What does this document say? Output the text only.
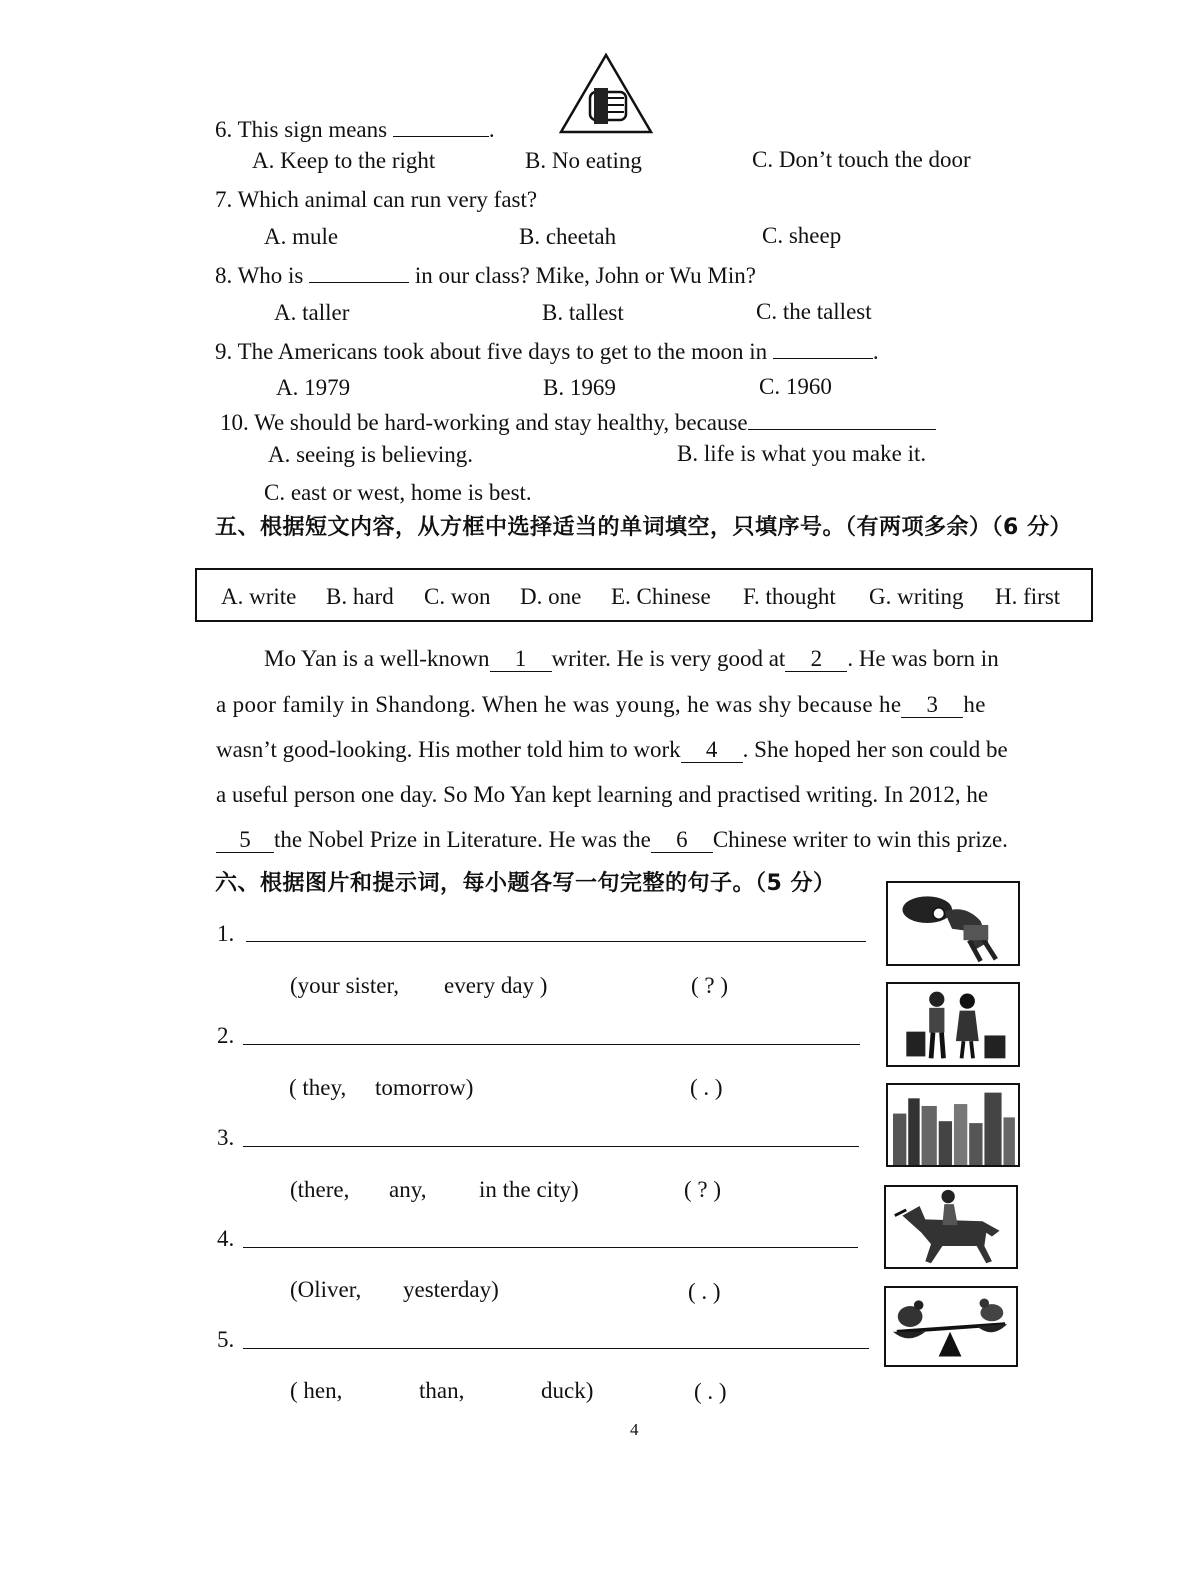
6. This sign means	.
A. Keep to the right	B. No eating	C. Don’t touch the door
7. Which animal can run very fast?
A. mule	B. cheetah	C. sheep
8. Who is	in our class? Mike, John or Wu Min?
A. taller	B. tallest	C. the tallest
9. The Americans took about five days to get to the moon in	.
A. 1979	B. 1969	C. 1960
10. We should be hard-working and stay healthy, because
A. seeing is believing.	B. life is what you make it.
C. east or west, home is best.
五、根据短文内容，从方框中选择适当的单词填空，只填序号。（有两项多余）（6 分）
A. write B. hard C. won D. one E. Chinese F. thought G. writing H. first
Mo Yan is a well-known 1 writer. He is very good at 2 . He was born in
a poor family in Shandong. When he was young, he was shy because he 3 he
wasn’t good-looking. His mother told him to work 4 . She hoped her son could be
a useful person one day. So Mo Yan kept learning and practised writing. In 2012, he
5 the Nobel Prize in Literature. He was the 6 Chinese writer to win this prize.
六、根据图片和提示词，每小题各写一句完整的句子。（5 分）
1.
(your sister, every day )	( ? )
2.
( they, tomorrow)	( . )
3.
(there, any, in the city)	( ? )
4.
(Oliver, yesterday)	( . )
5.
( hen,	than,	duck)	( . )
4
